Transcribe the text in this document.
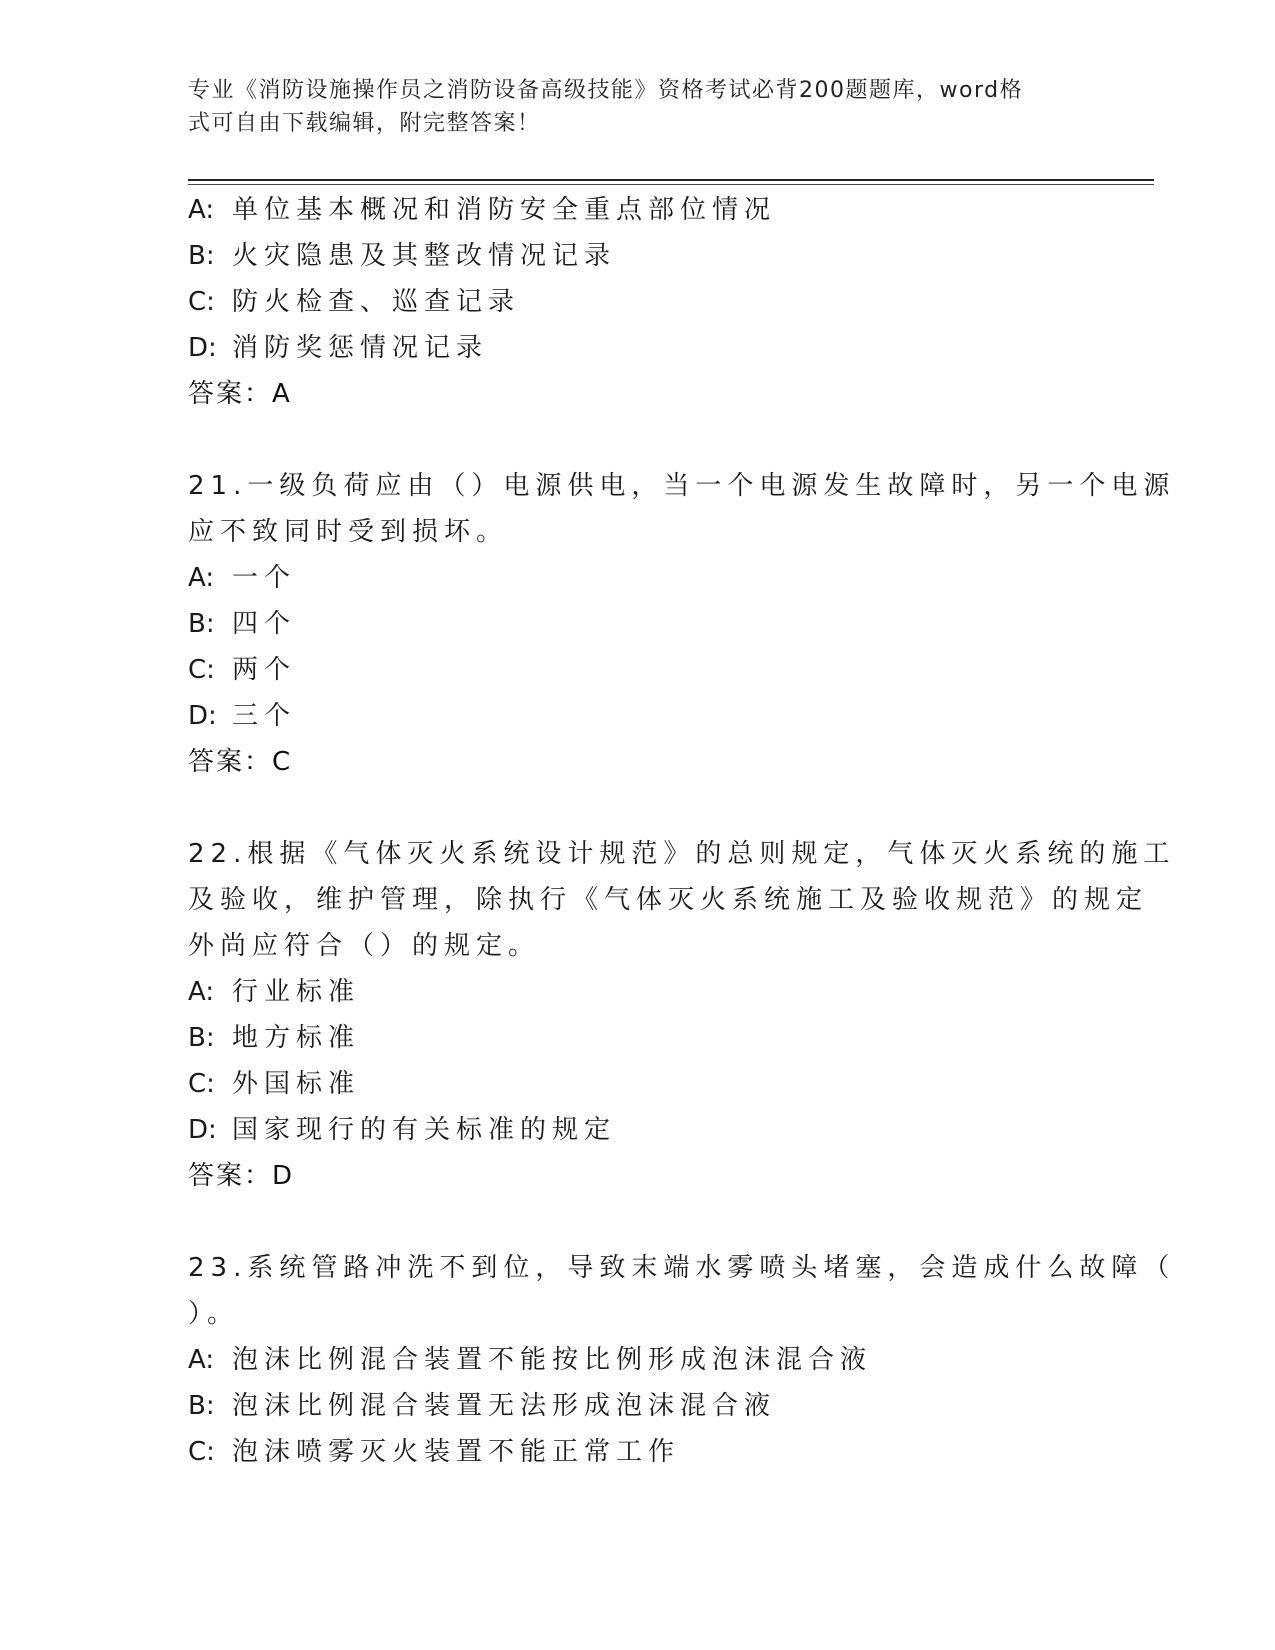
专业《消防设施操作员之消防设备高级技能》资格考试必背200题题库，word格
式可自由下载编辑，附完整答案！
A: 单位基本概况和消防安全重点部位情况
B: 火灾隐患及其整改情况记录
C: 防火检查、巡查记录
D: 消防奖惩情况记录
答案：A
21.一级负荷应由（）电源供电，当一个电源发生故障时，另一个电源
应不致同时受到损坏。
A: 一个
B: 四个
C: 两个
D: 三个
答案：C
22.根据《气体灭火系统设计规范》的总则规定，气体灭火系统的施工
及验收，维护管理，除执行《气体灭火系统施工及验收规范》的规定
外尚应符合（）的规定。
A: 行业标准
B: 地方标准
C: 外国标准
D: 国家现行的有关标准的规定
答案：D
23.系统管路冲洗不到位，导致末端水雾喷头堵塞，会造成什么故障（
）。
A: 泡沫比例混合装置不能按比例形成泡沫混合液
B: 泡沫比例混合装置无法形成泡沫混合液
C: 泡沫喷雾灭火装置不能正常工作
